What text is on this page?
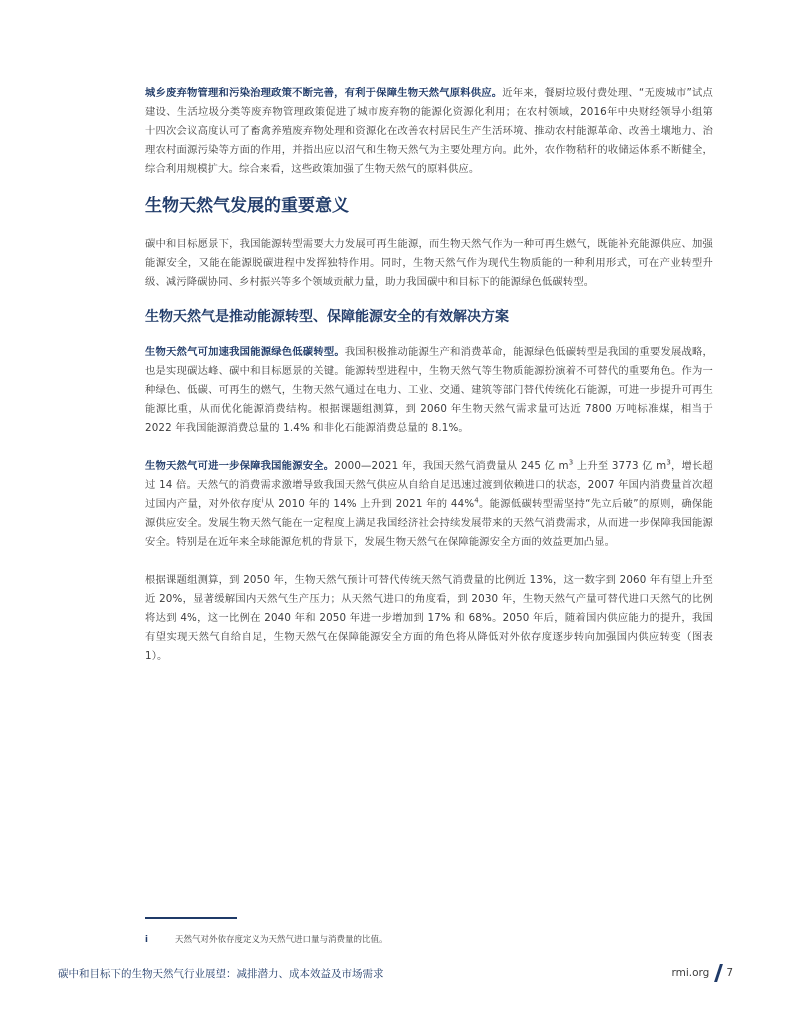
城乡废弃物管理和污染治理政策不断完善，有利于保障生物天然气原料供应。近年来，餐厨垃圾付费处理、“无废城市”试点建设、生活垃圾分类等废弃物管理政策促进了城市废弃物的能源化资源化利用；在农村领域，2016年中央财经领导小组第十四次会议高度认可了畜禽养殖废弃物处理和资源化在改善农村居民生产生活环境、推动农村能源革命、改善土壤地力、治理农村面源污染等方面的作用，并指出应以沼气和生物天然气为主要处理方向。此外，农作物秸秆的收储运体系不断健全，综合利用规模扩大。综合来看，这些政策加强了生物天然气的原料供应。

生物天然气发展的重要意义

碳中和目标愿景下，我国能源转型需要大力发展可再生能源，而生物天然气作为一种可再生燃气，既能补充能源供应、加强能源安全，又能在能源脱碳进程中发挥独特作用。同时，生物天然气作为现代生物质能的一种利用形式，可在产业转型升级、减污降碳协同、乡村振兴等多个领域贡献力量，助力我国碳中和目标下的能源绿色低碳转型。

生物天然气是推动能源转型、保障能源安全的有效解决方案

生物天然气可加速我国能源绿色低碳转型。我国积极推动能源生产和消费革命，能源绿色低碳转型是我国的重要发展战略，也是实现碳达峰、碳中和目标愿景的关键。能源转型进程中，生物天然气等生物质能源扮演着不可替代的重要角色。作为一种绿色、低碳、可再生的燃气，生物天然气通过在电力、工业、交通、建筑等部门替代传统化石能源，可进一步提升可再生能源比重，从而优化能源消费结构。根据课题组测算，到 2060 年生物天然气需求量可达近 7800 万吨标准煤，相当于 2022 年我国能源消费总量的 1.4% 和非化石能源消费总量的 8.1%。

生物天然气可进一步保障我国能源安全。2000—2021 年，我国天然气消费量从 245 亿 $m^3$ 上升至 3773 亿 $m^3$，增长超过 14 倍。天然气的消费需求激增导致我国天然气供应从自给自足迅速过渡到依赖进口的状态，2007 年国内消费量首次超过国内产量，对外依存度$^i$从 2010 年的 14% 上升到 2021 年的 44%$^4$。能源低碳转型需坚持“先立后破”的原则，确保能源供应安全。发展生物天然气能在一定程度上满足我国经济社会持续发展带来的天然气消费需求，从而进一步保障我国能源安全。特别是在近年来全球能源危机的背景下，发展生物天然气在保障能源安全方面的效益更加凸显。

根据课题组测算，到 2050 年，生物天然气预计可替代传统天然气消费量的比例近 13%，这一数字到 2060 年有望上升至近 20%，显著缓解国内天然气生产压力；从天然气进口的角度看，到 2030 年，生物天然气产量可替代进口天然气的比例将达到 4%，这一比例在 2040 年和 2050 年进一步增加到 17% 和 68%。2050 年后，随着国内供应能力的提升，我国有望实现天然气自给自足，生物天然气在保障能源安全方面的角色将从降低对外依存度逐步转向加强国内供应转变（图表 1）。

i	天然气对外依存度定义为天然气进口量与消费量的比值。
碳中和目标下的生物天然气行业展望：减排潜力、成本效益及市场需求	rmi.org 7
